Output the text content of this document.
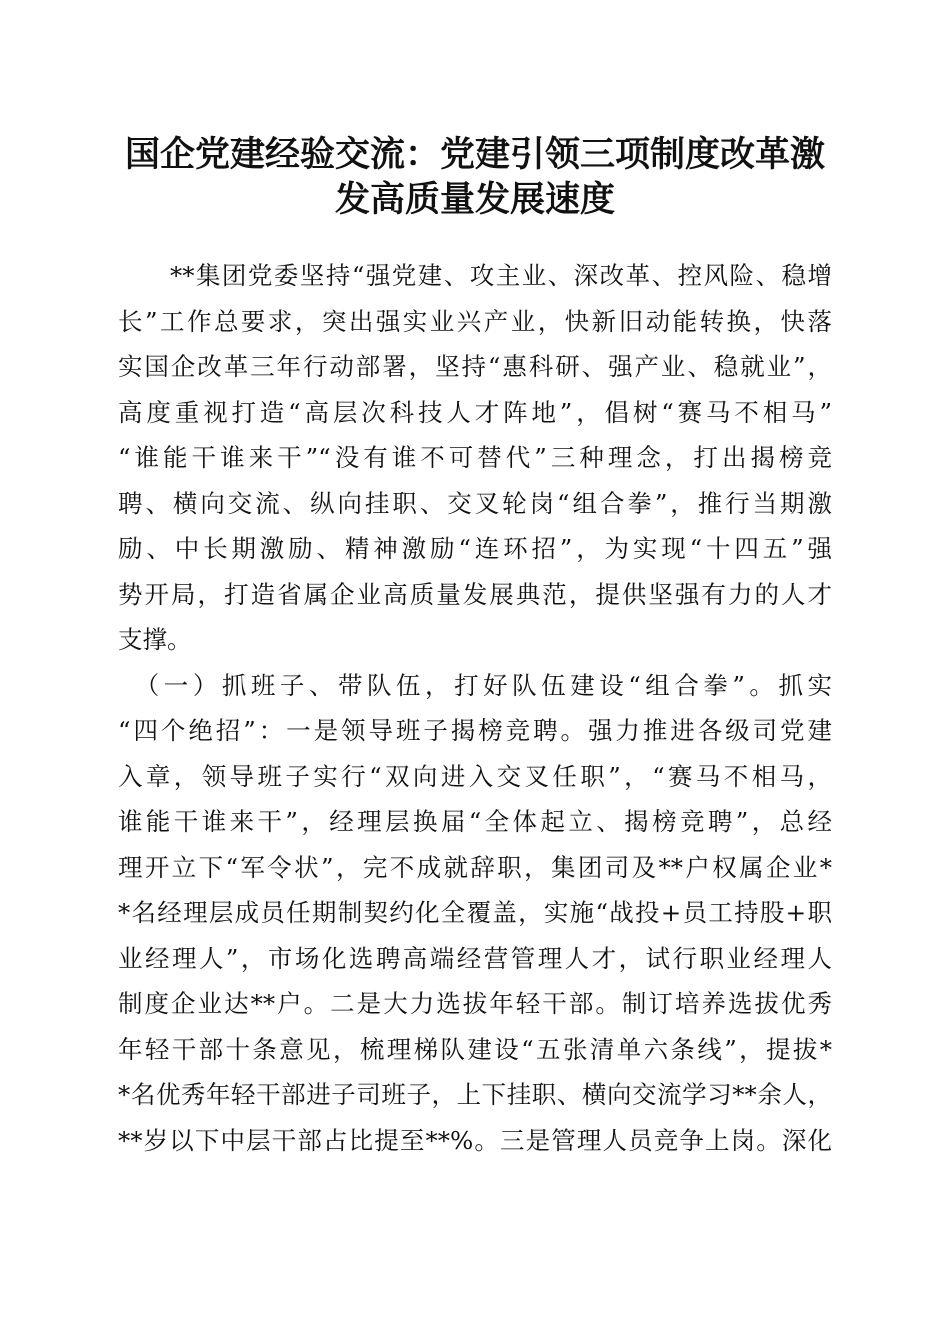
国企党建经验交流：党建引领三项制度改革激
发高质量发展速度
　　**集团党委坚持“强党建、攻主业、深改革、控风险、稳增
长”工作总要求，突出强实业兴产业，快新旧动能转换，快落
实国企改革三年行动部署，坚持“惠科研、强产业、稳就业”，
高度重视打造“高层次科技人才阵地”，倡树“赛马不相马”
“谁能干谁来干”“没有谁不可替代”三种理念，打出揭榜竞
聘、横向交流、纵向挂职、交叉轮岗“组合拳”，推行当期激
励、中长期激励、精神激励“连环招”，为实现“十四五”强
势开局，打造省属企业高质量发展典范，提供坚强有力的人才
支撑。
　（一）抓班子、带队伍，打好队伍建设“组合拳”。抓实
“四个绝招”：一是领导班子揭榜竞聘。强力推进各级司党建
入章，领导班子实行“双向进入交叉任职”，“赛马不相马，
谁能干谁来干”，经理层换届“全体起立、揭榜竞聘”，总经
理开立下“军令状”，完不成就辞职，集团司及**户权属企业*
*名经理层成员任期制契约化全覆盖，实施“战投+员工持股+职
业经理人”，市场化选聘高端经营管理人才，试行职业经理人
制度企业达**户。二是大力选拔年轻干部。制订培养选拔优秀
年轻干部十条意见，梳理梯队建设“五张清单六条线”，提拔*
*名优秀年轻干部进子司班子，上下挂职、横向交流学习**余人，
**岁以下中层干部占比提至**%。三是管理人员竞争上岗。深化
